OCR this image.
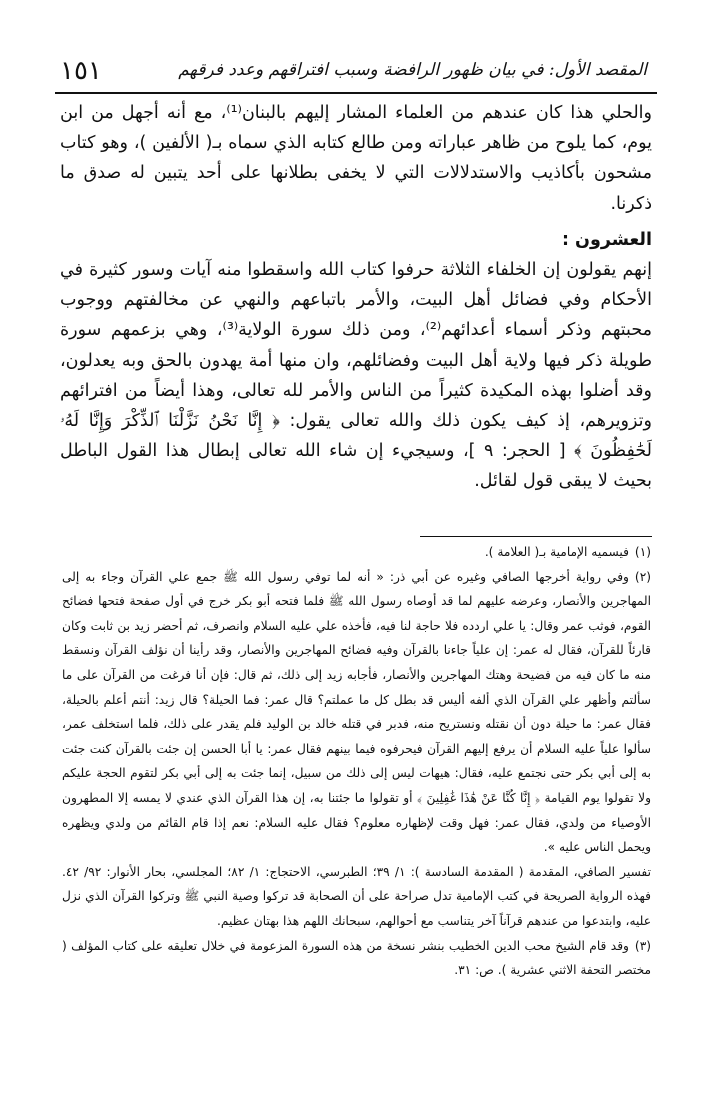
١٥١	المقصد الأول: في بيان ظهور الرافضة وسبب افتراقهم وعدد فرقهم

والحلي هذا كان عندهم من العلماء المشار إليهم بالبنان⁽¹⁾، مع أنه أجهل من ابن يوم، كما يلوح من ظاهر عباراته ومن طالع كتابه الذي سماه بـ( الألفين )، وهو كتاب مشحون بأكاذيب والاستدلالات التي لا يخفى بطلانها على أحد يتبين له صدق ما ذكرنا.

العشرون :

إنهم يقولون إن الخلفاء الثلاثة حرفوا كتاب الله واسقطوا منه آيات وسور كثيرة في الأحكام وفي فضائل أهل البيت، والأمر باتباعهم والنهي عن مخالفتهم ووجوب محبتهم وذكر أسماء أعدائهم⁽²⁾، ومن ذلك سورة الولاية⁽³⁾، وهي بزعمهم سورة طويلة ذكر فيها ولاية أهل البيت وفضائلهم، وان منها أمة يهدون بالحق وبه يعدلون، وقد أضلوا بهذه المكيدة كثيراً من الناس والأمر لله تعالى، وهذا أيضاً من افترائهم وتزويرهم، إذ كيف يكون ذلك والله تعالى يقول: ﴿ إِنَّا نَحْنُ نَزَّلْنَا ٱلذِّكْرَ وَإِنَّا لَهُۥ لَحَٰفِظُونَ ﴾ [ الحجر: ٩ ]، وسيجيء إن شاء الله تعالى إبطال هذا القول الباطل بحيث لا يبقى قول لقائل.

(١)فيسميه الإمامية بـ( العلامة ).

(٢)وفي رواية أخرجها الصافي وغيره عن أبي ذر: « أنه لما توفي رسول الله ﷺ جمع علي القرآن وجاء به إلى المهاجرين والأنصار، وعرضه عليهم لما قد أوصاه رسول الله ﷺ فلما فتحه أبو بكر خرج في أول صفحة فتحها فضائح القوم، فوثب عمر وقال: يا علي اردده فلا حاجة لنا فيه، فأخذه علي عليه السلام وانصرف، ثم أحضر زيد بن ثابت وكان قارئاً للقرآن، فقال له عمر: إن علياً جاءنا بالقرآن وفيه فضائح المهاجرين والأنصار، وقد رأينا أن نؤلف القرآن ونسقط منه ما كان فيه من فضيحة وهتك المهاجرين والأنصار، فأجابه زيد إلى ذلك، ثم قال: فإن أنا فرغت من القرآن على ما سألتم وأظهر علي القرآن الذي ألفه أليس قد بطل كل ما عملتم؟ قال عمر: فما الحيلة؟ قال زيد: أنتم أعلم بالحيلة، فقال عمر: ما حيلة دون أن نقتله ونستريح منه، فدبر في قتله خالد بن الوليد فلم يقدر على ذلك، فلما استخلف عمر، سألوا علياً عليه السلام أن يرفع إليهم القرآن فيحرفوه فيما بينهم فقال عمر: يا أبا الحسن إن جئت بالقرآن كنت جئت به إلى أبي بكر حتى نجتمع عليه، فقال: هيهات ليس إلى ذلك من سبيل، إنما جئت به إلى أبي بكر لتقوم الحجة عليكم ولا تقولوا يوم القيامة ﴿ إِنَّا كُنَّا عَنْ هَٰذَا غَٰفِلِينَ ﴾ أو تقولوا ما جئتنا به، إن هذا القرآن الذي عندي لا يمسه إلا المطهرون الأوصياء من ولدي، فقال عمر: فهل وقت لإظهاره معلوم؟ فقال عليه السلام: نعم إذا قام القائم من ولدي ويظهره ويحمل الناس عليه ».

تفسير الصافي، المقدمة ( المقدمة السادسة ): ١/ ٣٩؛ الطبرسي، الاحتجاج: ١/ ٨٢؛ المجلسي، بحار الأنوار: ٩٢/ ٤٢. فهذه الرواية الصريحة في كتب الإمامية تدل صراحة على أن الصحابة قد تركوا وصية النبي ﷺ وتركوا القرآن الذي نزل عليه، وابتدعوا من عندهم قرآناً آخر يتناسب مع أحوالهم، سبحانك اللهم هذا بهتان عظيم.

(٣)وقد قام الشيخ محب الدين الخطيب بنشر نسخة من هذه السورة المزعومة في خلال تعليقه على كتاب المؤلف ( مختصر التحفة الاثني عشرية ). ص: ٣١.
